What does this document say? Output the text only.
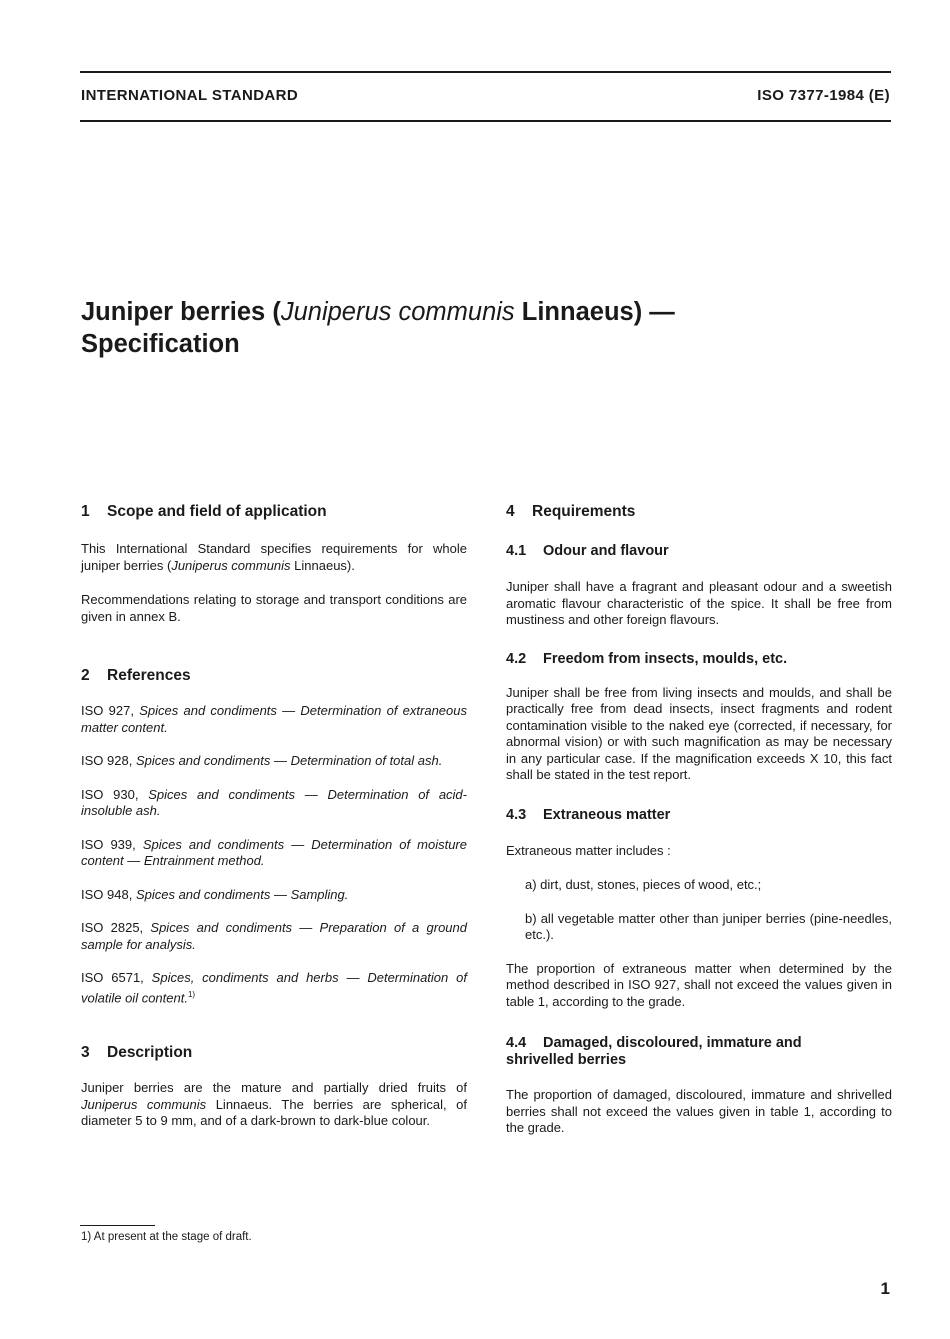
INTERNATIONAL STANDARD	ISO 7377-1984 (E)
Juniper berries (Juniperus communis Linnaeus) —
Specification
1 Scope and field of application

This International Standard specifies requirements for whole juniper berries (Juniperus communis Linnaeus).

Recommendations relating to storage and transport conditions are given in annex B.

2 References

ISO 927, Spices and condiments — Determination of extraneous matter content.

ISO 928, Spices and condiments — Determination of total ash.

ISO 930, Spices and condiments — Determination of acid-insoluble ash.

ISO 939, Spices and condiments — Determination of moisture content — Entrainment method.

ISO 948, Spices and condiments — Sampling.

ISO 2825, Spices and condiments — Preparation of a ground sample for analysis.

ISO 6571, Spices, condiments and herbs — Determination of volatile oil content.$^{1)}$

3 Description

Juniper berries are the mature and partially dried fruits of Juniperus communis Linnaeus. The berries are spherical, of diameter 5 to 9 mm, and of a dark-brown to dark-blue colour.

4 Requirements
4.1 Odour and flavour

Juniper shall have a fragrant and pleasant odour and a sweetish aromatic flavour characteristic of the spice. It shall be free from mustiness and other foreign flavours.

4.2 Freedom from insects, moulds, etc.

Juniper shall be free from living insects and moulds, and shall be practically free from dead insects, insect fragments and rodent contamination visible to the naked eye (corrected, if necessary, for abnormal vision) or with such magnification as may be necessary in any particular case. If the magnification exceeds X 10, this fact shall be stated in the test report.

4.3 Extraneous matter

Extraneous matter includes :

a) dirt, dust, stones, pieces of wood, etc.;

b) all vegetable matter other than juniper berries (pine-needles, etc.).

The proportion of extraneous matter when determined by the method described in ISO 927, shall not exceed the values given in table 1, according to the grade.

4.4 Damaged, discoloured, immature and
shrivelled berries

The proportion of damaged, discoloured, immature and shrivelled berries shall not exceed the values given in table 1, according to the grade.

1) At present at the stage of draft.
1
